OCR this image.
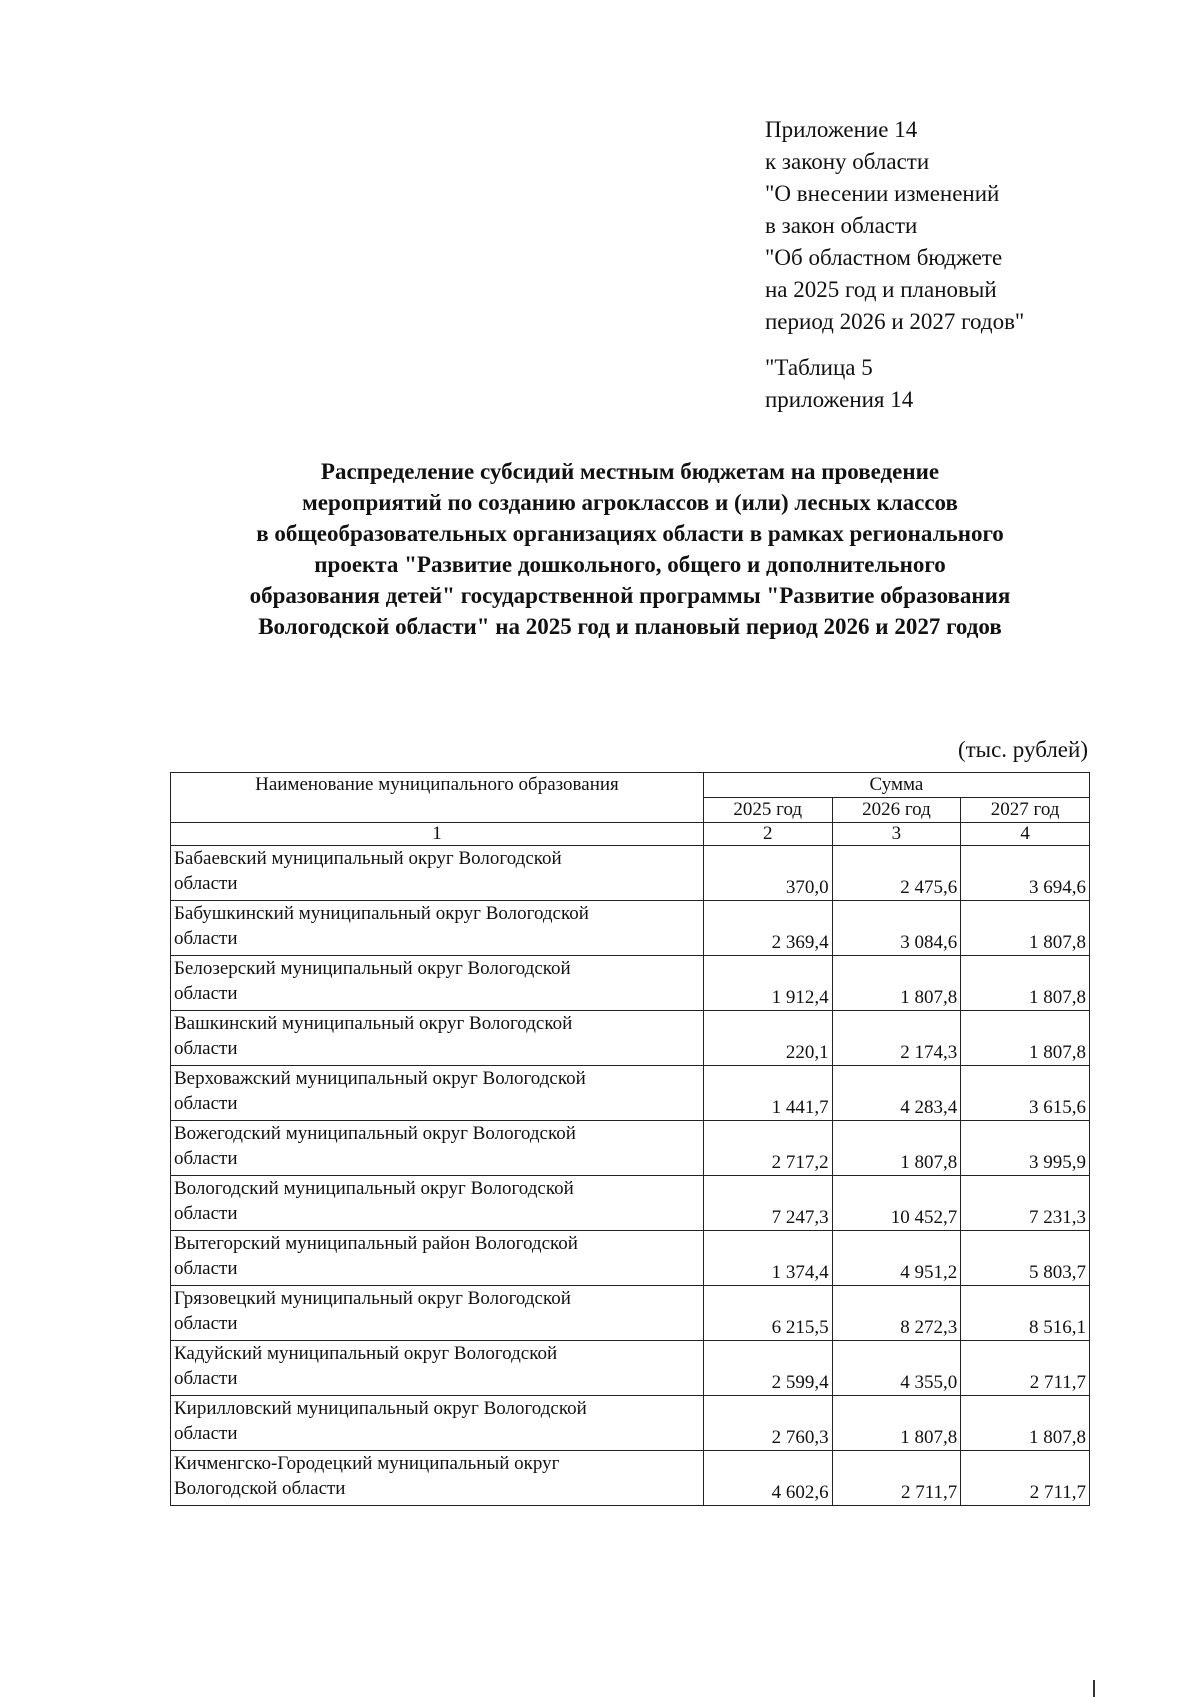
Приложение 14
к закону области
"О внесении изменений
в закон области
"Об областном бюджете
на 2025 год и плановый
период 2026 и 2027 годов"
"Таблица 5
приложения 14
Распределение субсидий местным бюджетам на проведение
мероприятий по созданию агроклассов и (или) лесных классов
в общеобразовательных организациях области в рамках регионального
проекта "Развитие дошкольного, общего и дополнительного
образования детей" государственной программы "Развитие образования
Вологодской области" на 2025 год и плановый период 2026 и 2027 годов
(тыс. рублей)
Наименование муниципального образования	Сумма		
	2025 год	2026 год	2027 год
1	2	3	4

Бабаевский муниципальный округ Вологодской
области	370,0	2 475,6	3 694,6

Бабушкинский муниципальный округ Вологодской
области	2 369,4	3 084,6	1 807,8

Белозерский муниципальный округ Вологодской
области	1 912,4	1 807,8	1 807,8

Вашкинский муниципальный округ Вологодской
области	220,1	2 174,3	1 807,8

Верховажский муниципальный округ Вологодской
области	1 441,7	4 283,4	3 615,6

Вожегодский муниципальный округ Вологодской
области	2 717,2	1 807,8	3 995,9

Вологодский муниципальный округ Вологодской
области	7 247,3	10 452,7	7 231,3

Вытегорский муниципальный район Вологодской
области	1 374,4	4 951,2	5 803,7

Грязовецкий муниципальный округ Вологодской
области	6 215,5	8 272,3	8 516,1

Кадуйский муниципальный округ Вологодской
области	2 599,4	4 355,0	2 711,7

Кирилловский муниципальный округ Вологодской
области	2 760,3	1 807,8	1 807,8

Кичменгско-Городецкий муниципальный округ
Вологодской области	4 602,6	2 711,7	2 711,7
